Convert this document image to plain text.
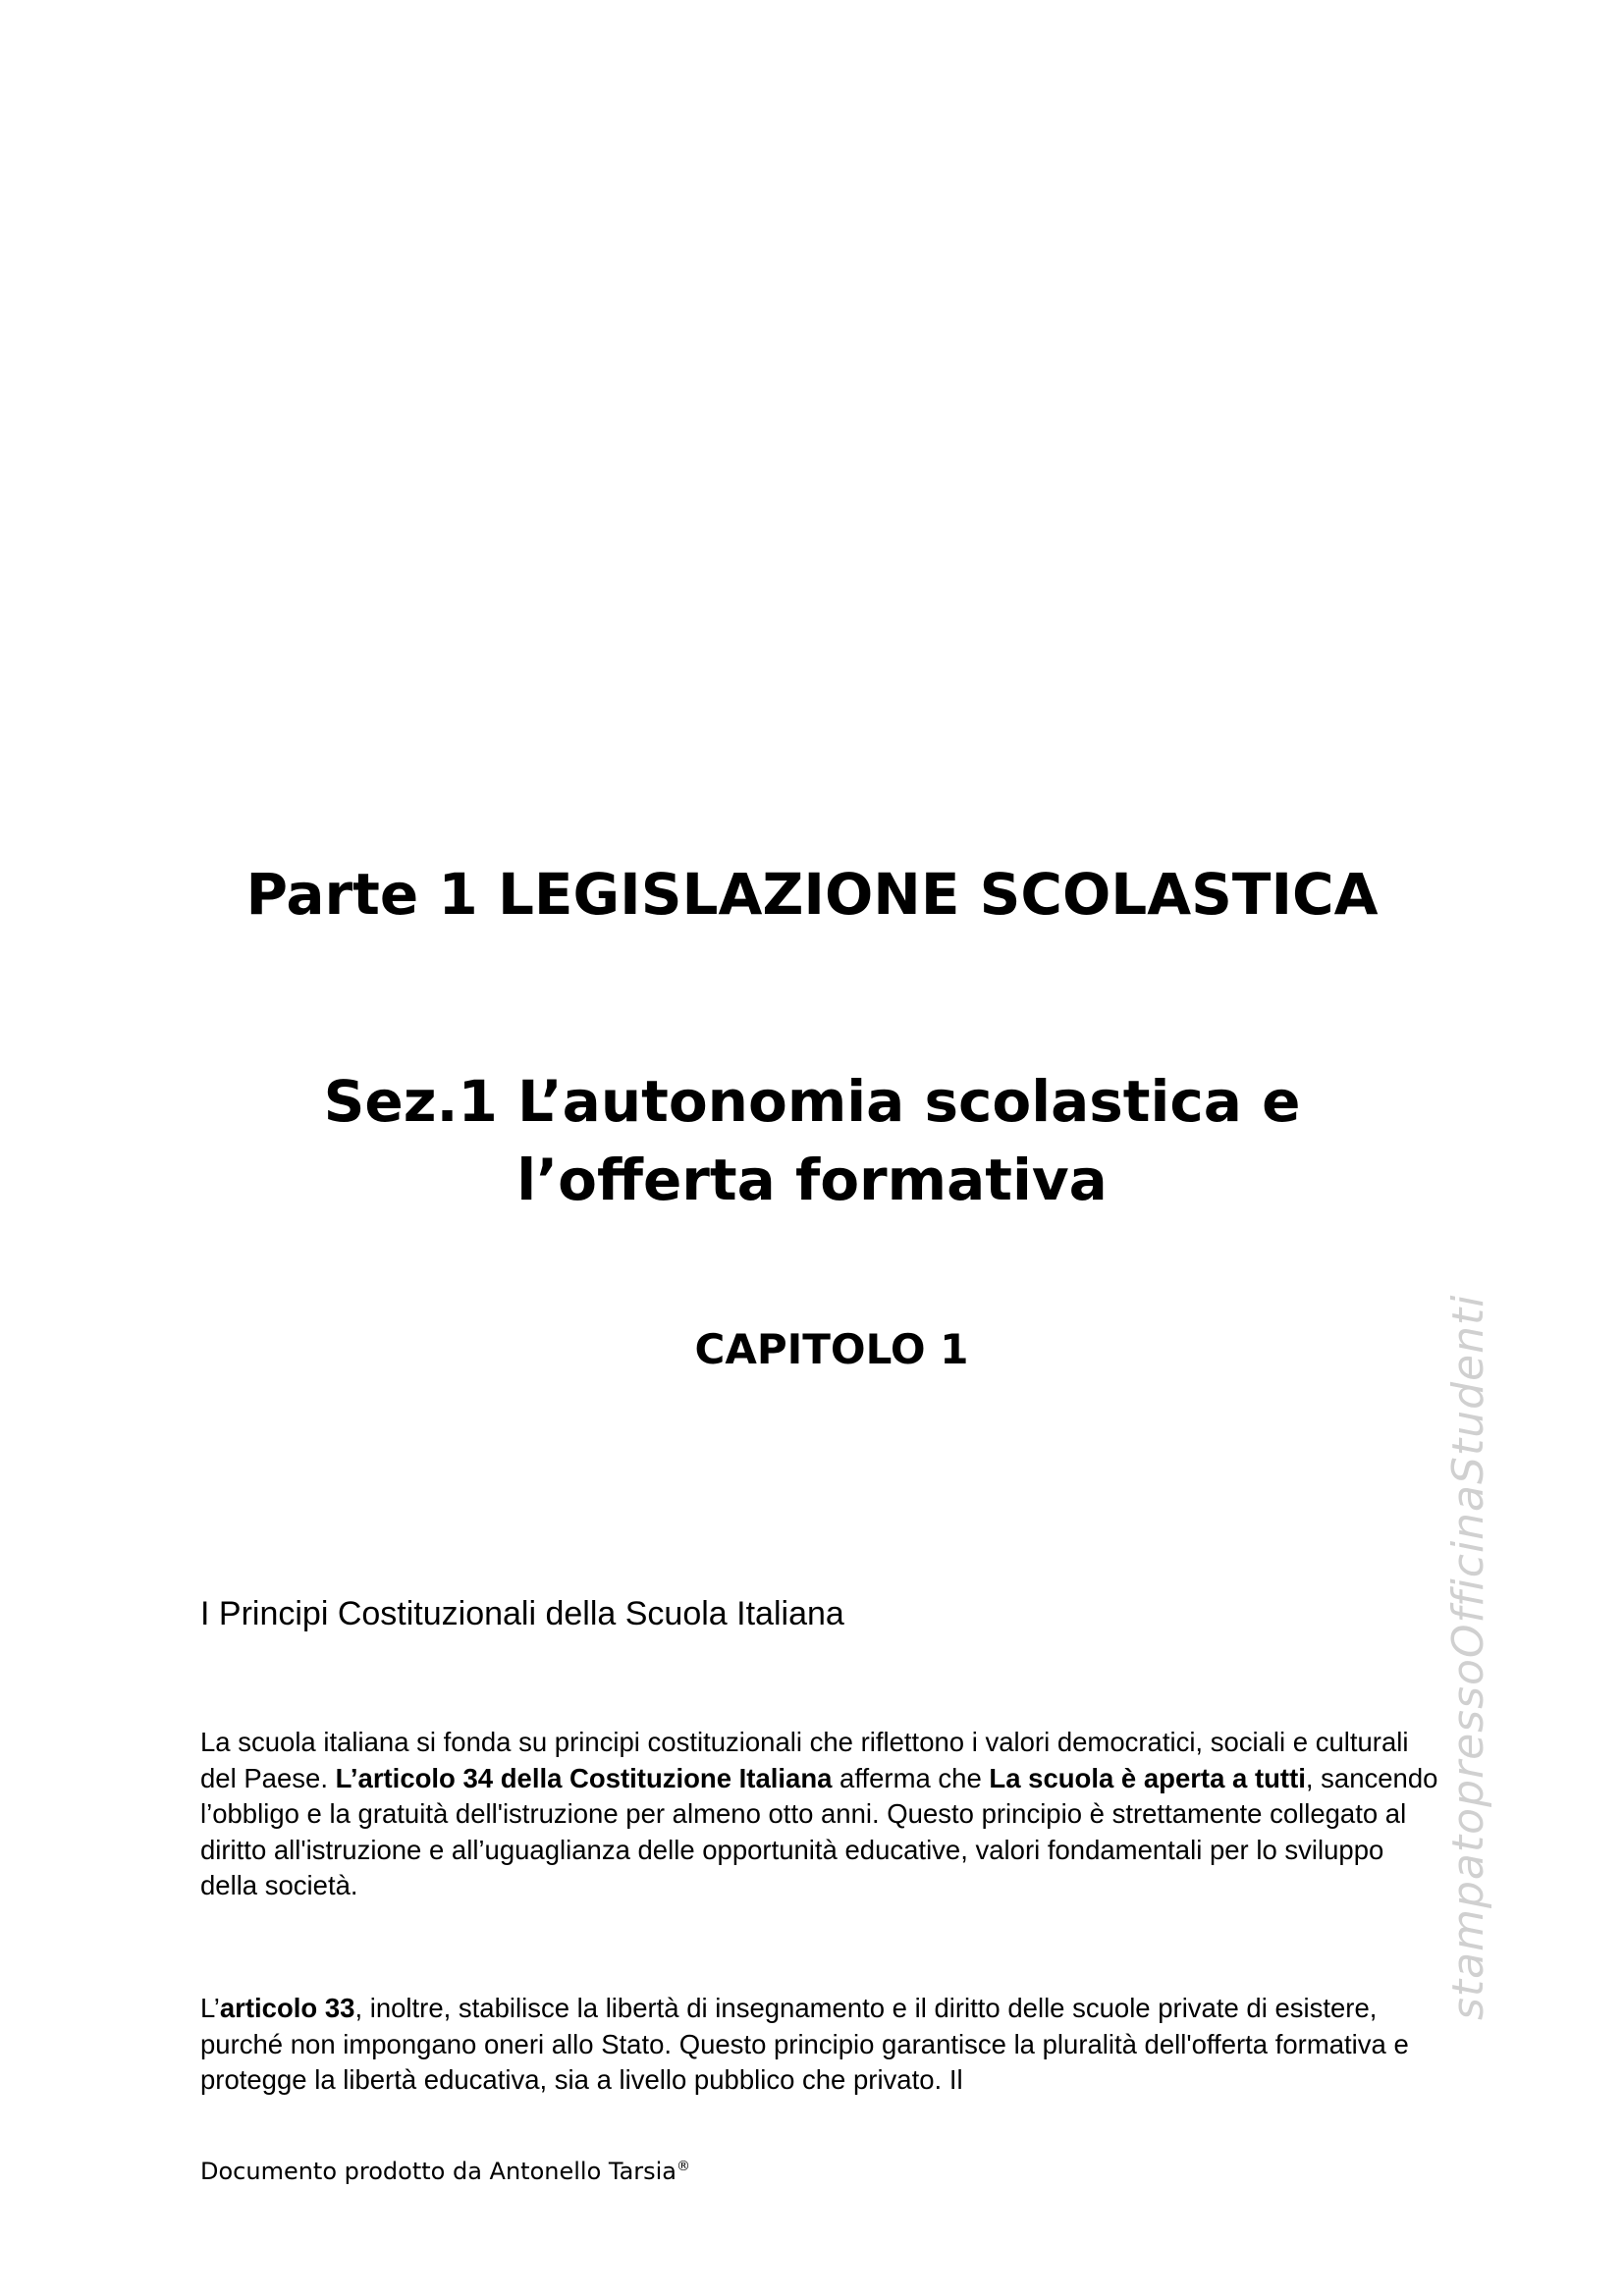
Parte 1 LEGISLAZIONE SCOLASTICA
Sez.1 L’autonomia scolastica e
l’offerta formativa
CAPITOLO 1
I Principi Costituzionali della Scuola Italiana
La scuola italiana si fonda su principi costituzionali che riflettono i valori democratici, sociali e culturali del Paese. L’articolo 34 della Costituzione Italiana afferma che La scuola è aperta a tutti, sancendo l’obbligo e la gratuità dell'istruzione per almeno otto anni. Questo principio è strettamente collegato al diritto all'istruzione e all’uguaglianza delle opportunità educative, valori fondamentali per lo sviluppo della società.
L’articolo 33, inoltre, stabilisce la libertà di insegnamento e il diritto delle scuole private di esistere, purché non impongano oneri allo Stato. Questo principio garantisce la pluralità dell'offerta formativa e protegge la libertà educativa, sia a livello pubblico che privato. Il
Documento prodotto da Antonello Tarsia®
stampatopressoOfficinaStudenti
